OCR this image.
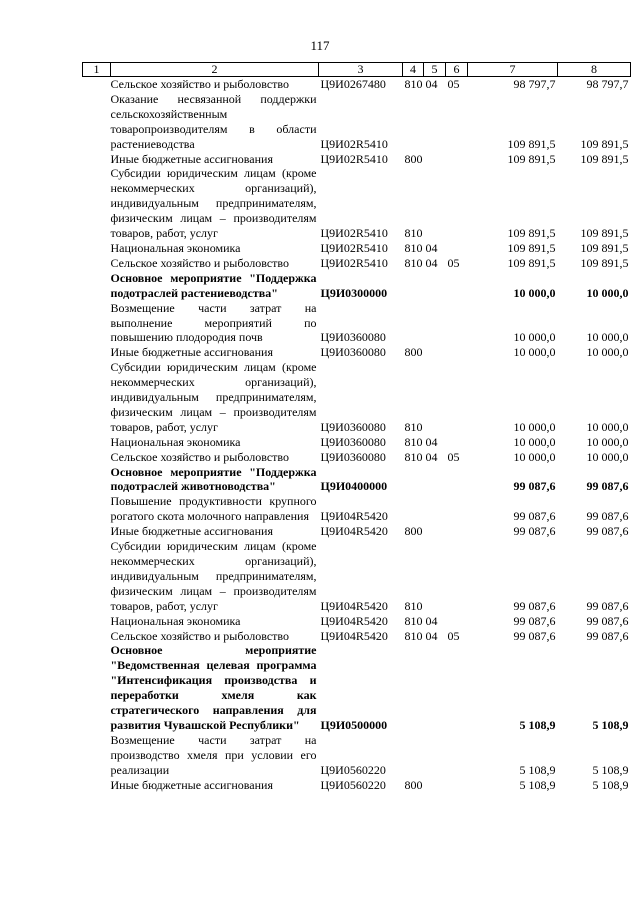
117
1	2	3	4	5	6	7	8
	Сельское хозяйство и рыболовство	Ц9И0267480	810	04	05	98 797,7	98 797,7
	Оказание несвязанной поддержки сельскохозяйственным товаропроизводителям в области растениеводства	Ц9И02R5410				109 891,5	109 891,5
	Иные бюджетные ассигнования	Ц9И02R5410	800			109 891,5	109 891,5
	Субсидии юридическим лицам (кроме некоммерческих организаций), индивидуальным предпринимателям, физическим лицам – производителям товаров, работ, услуг	Ц9И02R5410	810			109 891,5	109 891,5
	Национальная экономика	Ц9И02R5410	810	04		109 891,5	109 891,5
	Сельское хозяйство и рыболовство	Ц9И02R5410	810	04	05	109 891,5	109 891,5
	Основное мероприятие "Поддержка подотраслей растениеводства"	Ц9И0300000				10 000,0	10 000,0
	Возмещение части затрат на выполнение мероприятий по повышению плодородия почв	Ц9И0360080				10 000,0	10 000,0
	Иные бюджетные ассигнования	Ц9И0360080	800			10 000,0	10 000,0
	Субсидии юридическим лицам (кроме некоммерческих организаций), индивидуальным предпринимателям, физическим лицам – производителям товаров, работ, услуг	Ц9И0360080	810			10 000,0	10 000,0
	Национальная экономика	Ц9И0360080	810	04		10 000,0	10 000,0
	Сельское хозяйство и рыболовство	Ц9И0360080	810	04	05	10 000,0	10 000,0
	Основное мероприятие "Поддержка подотраслей животноводства"	Ц9И0400000				99 087,6	99 087,6
	Повышение продуктивности крупного рогатого скота молочного направления	Ц9И04R5420				99 087,6	99 087,6
	Иные бюджетные ассигнования	Ц9И04R5420	800			99 087,6	99 087,6
	Субсидии юридическим лицам (кроме некоммерческих организаций), индивидуальным предпринимателям, физическим лицам – производителям товаров, работ, услуг	Ц9И04R5420	810			99 087,6	99 087,6
	Национальная экономика	Ц9И04R5420	810	04		99 087,6	99 087,6
	Сельское хозяйство и рыболовство	Ц9И04R5420	810	04	05	99 087,6	99 087,6
	Основное мероприятие "Ведомственная целевая программа "Интенсификация производства и переработки хмеля как стратегического направления для развития Чувашской Республики"	Ц9И0500000				5 108,9	5 108,9
	Возмещение части затрат на производство хмеля при условии его реализации	Ц9И0560220				5 108,9	5 108,9
	Иные бюджетные ассигнования	Ц9И0560220	800			5 108,9	5 108,9
